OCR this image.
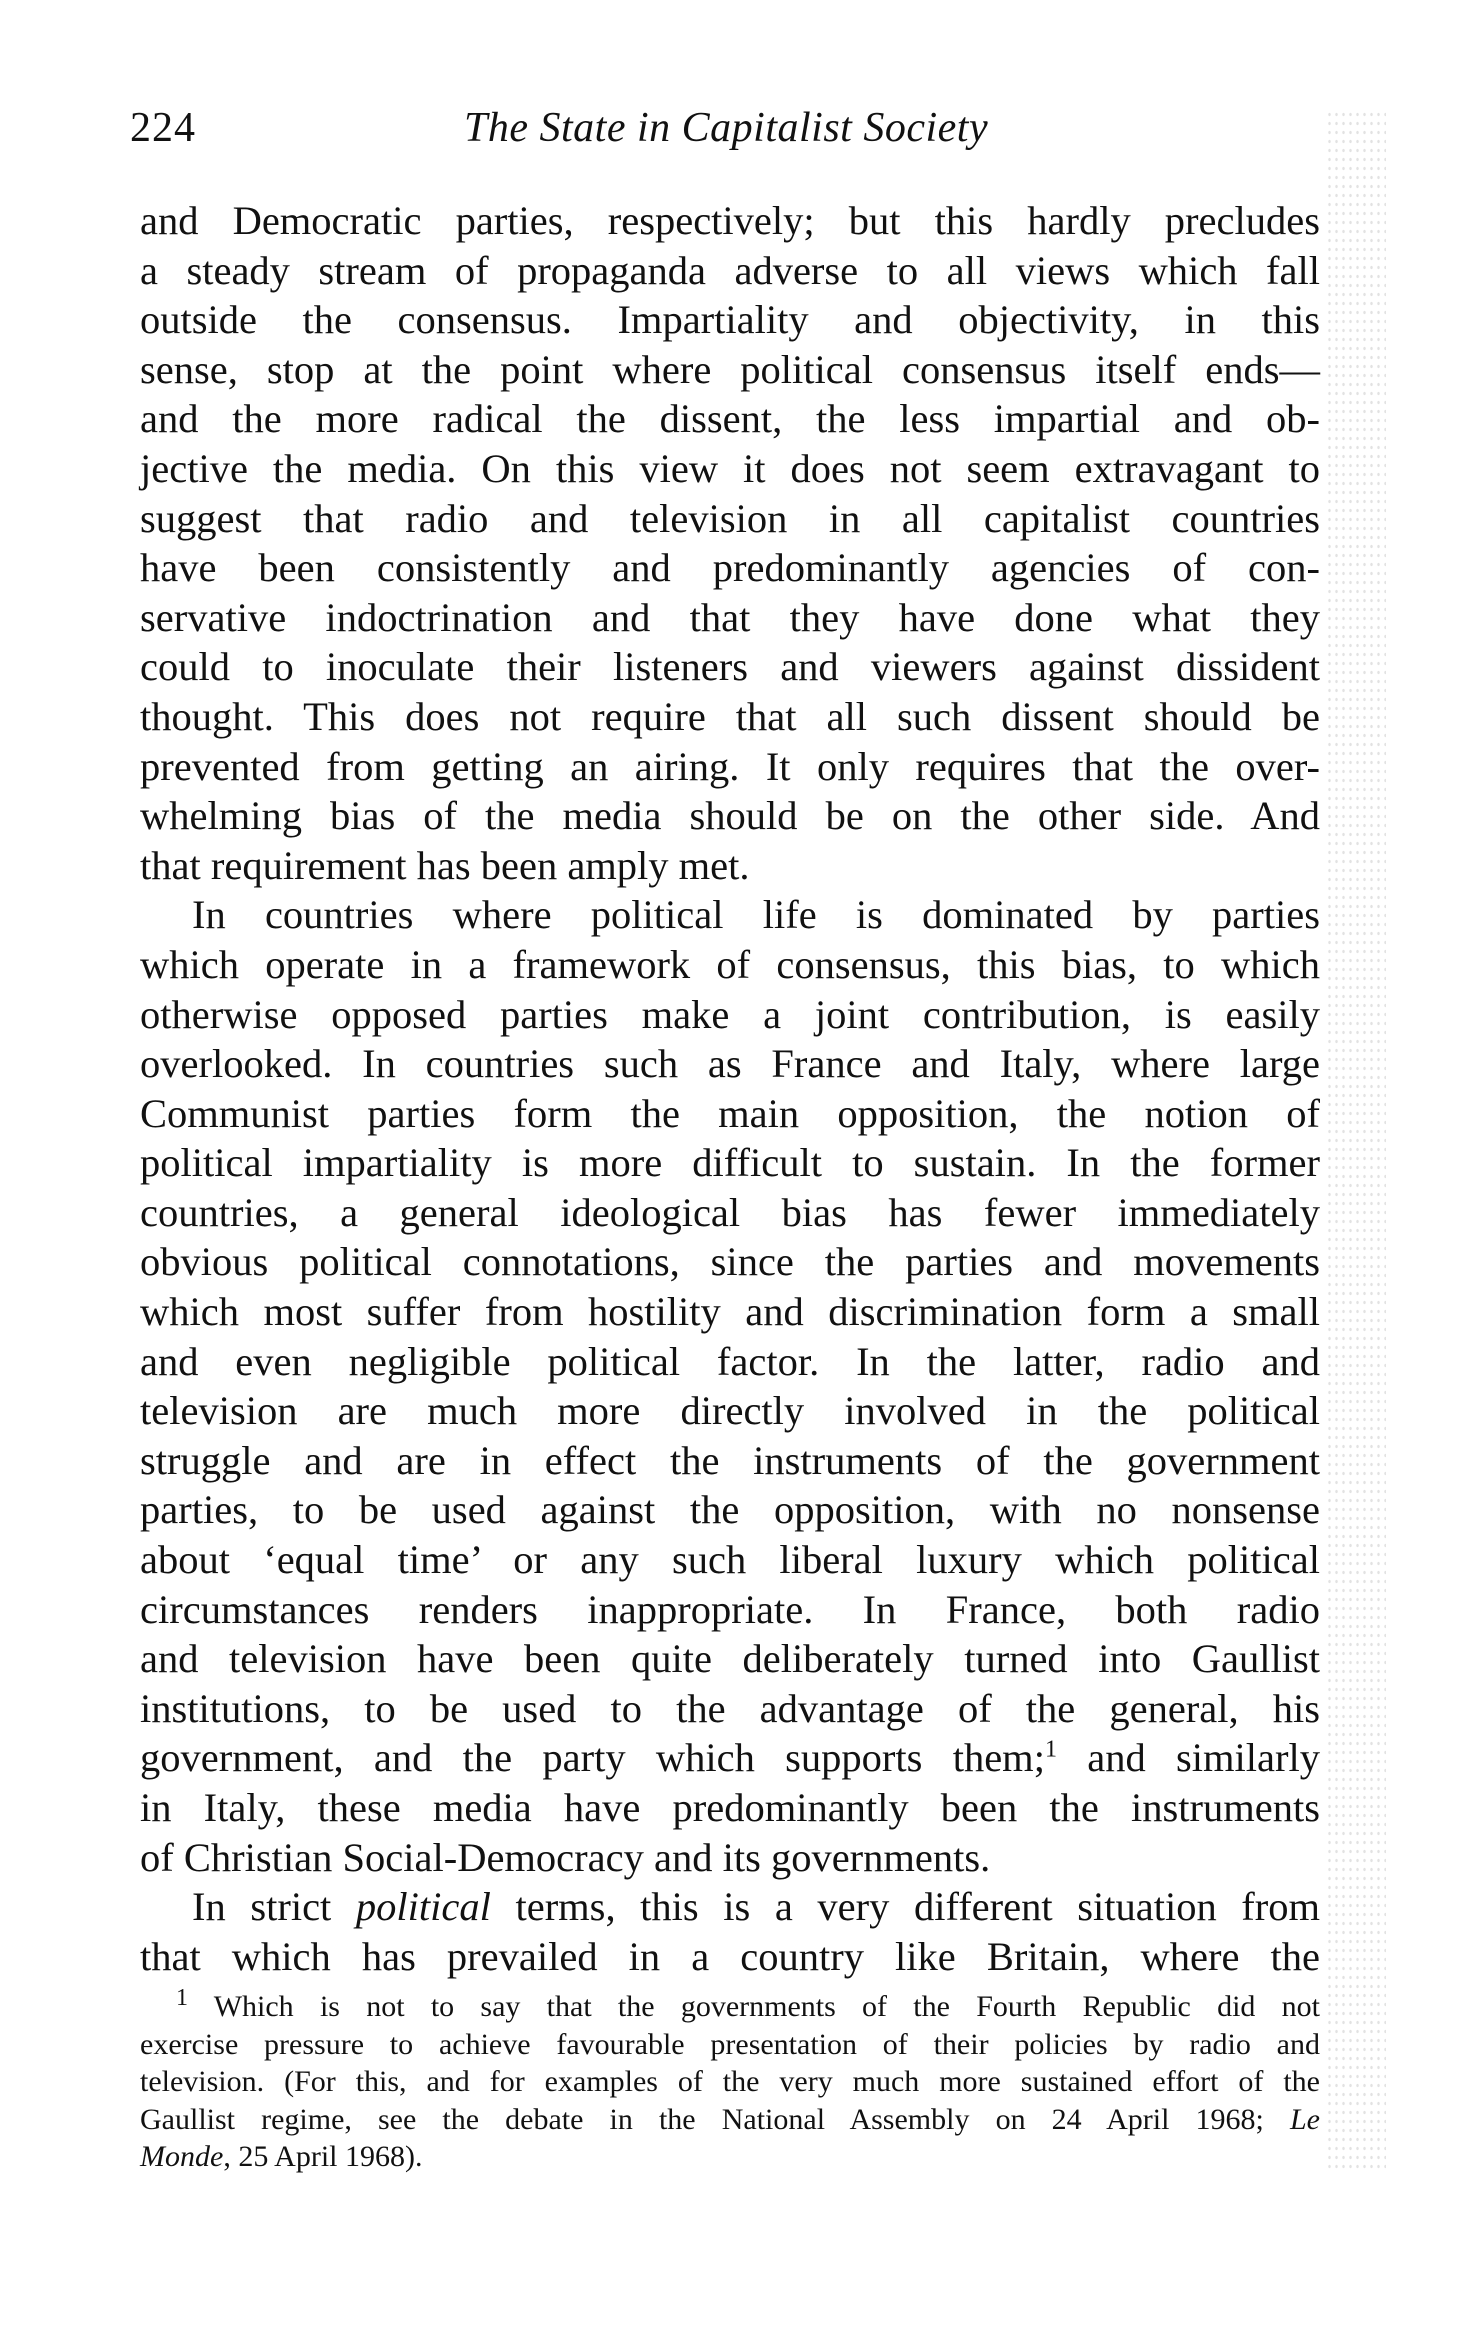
224	The State in Capitalist Society
and Democratic parties, respectively; but this hardly precludes
a steady stream of propaganda adverse to all views which fall
outside the consensus. Impartiality and objectivity, in this
sense, stop at the point where political consensus itself ends—
and the more radical the dissent, the less impartial and ob-
jective the media. On this view it does not seem extravagant to
suggest that radio and television in all capitalist countries
have been consistently and predominantly agencies of con-
servative indoctrination and that they have done what they
could to inoculate their listeners and viewers against dissident
thought. This does not require that all such dissent should be
prevented from getting an airing. It only requires that the over-
whelming bias of the media should be on the other side. And
that requirement has been amply met.
In countries where political life is dominated by parties
which operate in a framework of consensus, this bias, to which
otherwise opposed parties make a joint contribution, is easily
overlooked. In countries such as France and Italy, where large
Communist parties form the main opposition, the notion of
political impartiality is more difficult to sustain. In the former
countries, a general ideological bias has fewer immediately
obvious political connotations, since the parties and movements
which most suffer from hostility and discrimination form a small
and even negligible political factor. In the latter, radio and
television are much more directly involved in the political
struggle and are in effect the instruments of the government
parties, to be used against the opposition, with no nonsense
about ‘equal time’ or any such liberal luxury which political
circumstances renders inappropriate. In France, both radio
and television have been quite deliberately turned into Gaullist
institutions, to be used to the advantage of the general, his
government, and the party which supports them;$^1$ and similarly
in Italy, these media have predominantly been the instruments
of Christian Social-Democracy and its governments.
In strict political terms, this is a very different situation from
that which has prevailed in a country like Britain, where the
$^1$ Which is not to say that the governments of the Fourth Republic did not
exercise pressure to achieve favourable presentation of their policies by radio and
television. (For this, and for examples of the very much more sustained effort of the
Gaullist regime, see the debate in the National Assembly on 24 April 1968; Le
Monde, 25 April 1968).
